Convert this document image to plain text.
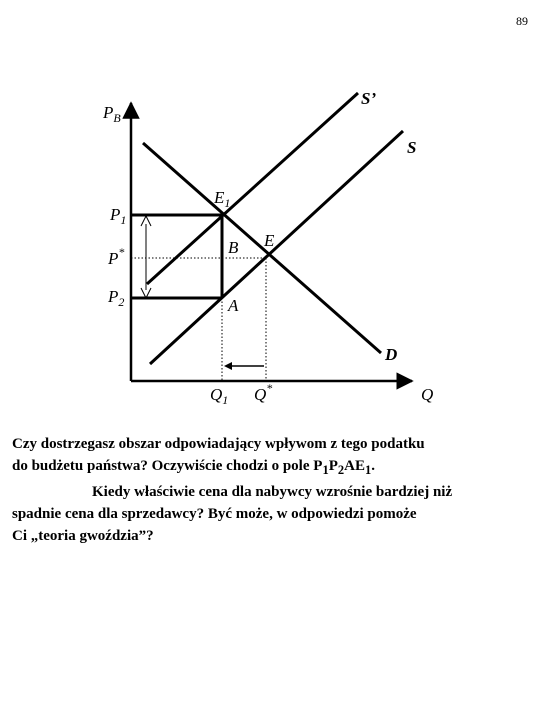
89
$P_B$
S’
S
D
$E_1$
E
B
A
$P_1$
P*
$P_2$
$Q_1$ Q*	Q

Czy dostrzegasz obszar odpowiadający wpływom z tego podatku

do budżetu państwa? Oczywiście chodzi o pole $P_1P_2AE_1$.

Kiedy właściwie cena dla nabywcy wzrośnie bardziej niż

spadnie cena dla sprzedawcy? Być może, w odpowiedzi pomoże

Ci „teoria gwoździa”?
